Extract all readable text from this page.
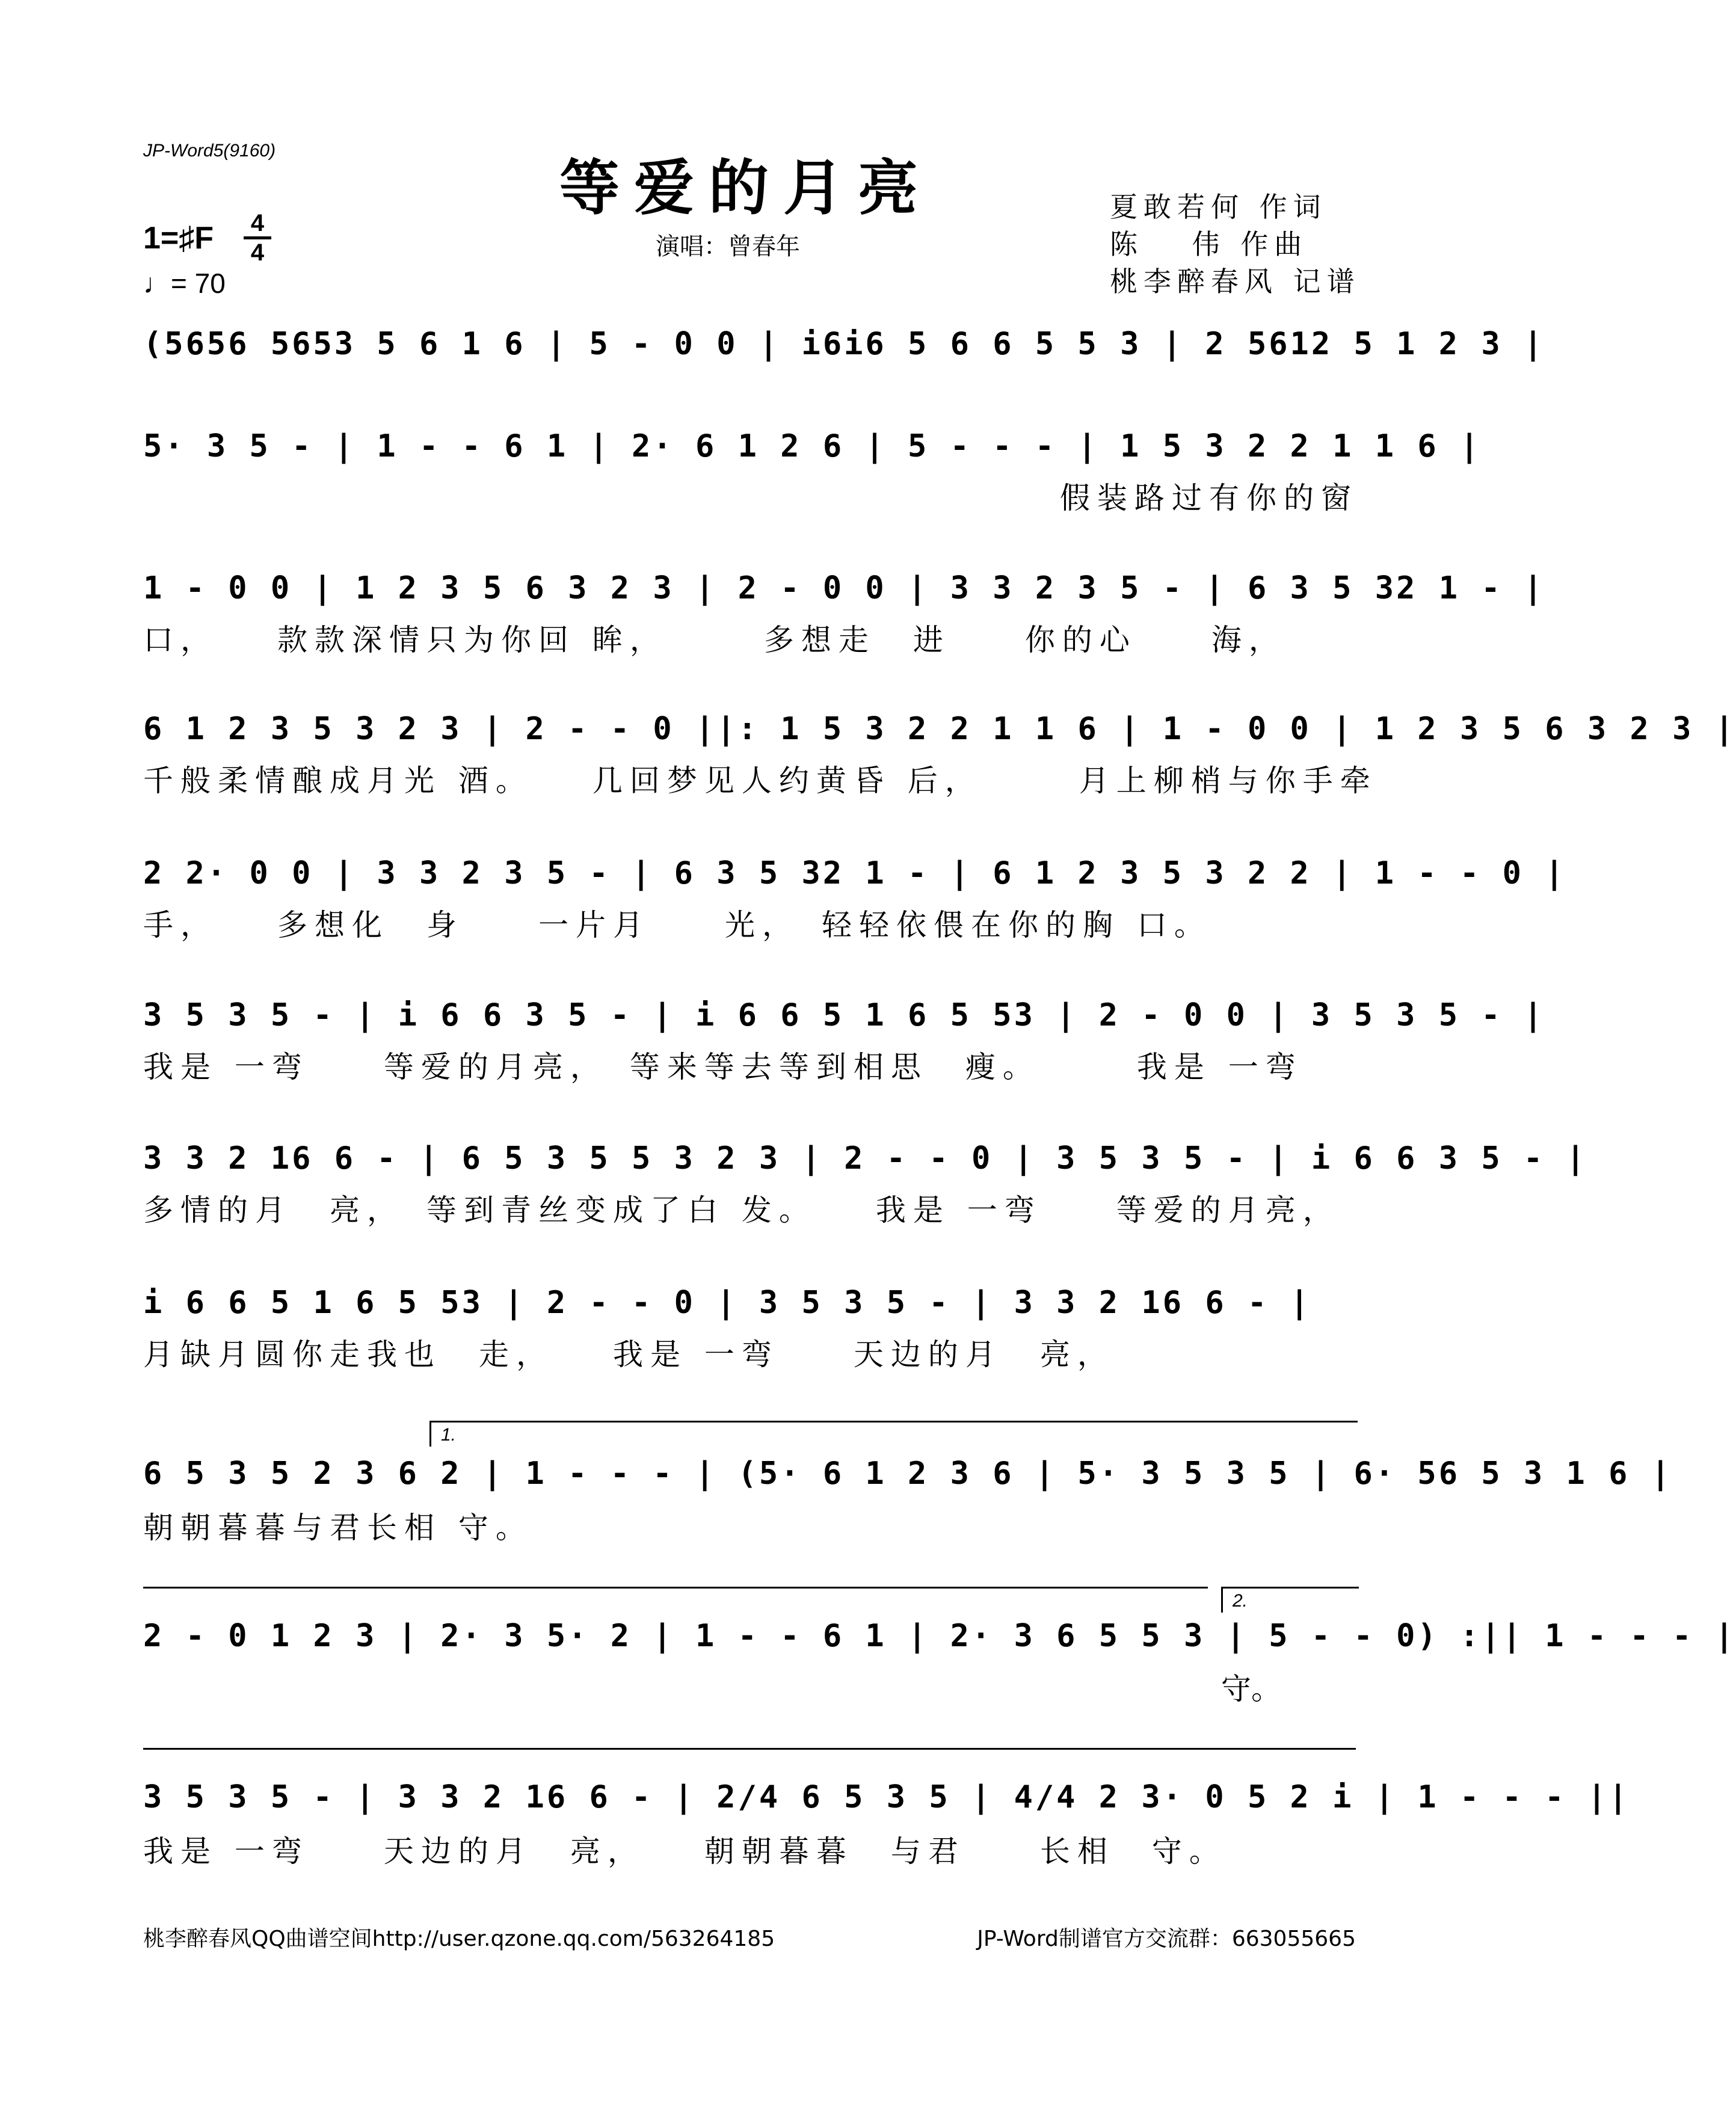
JP-Word5(9160)
等爱的月亮
演唱：曾春年
夏敢若何 作词
陈　 伟 作曲
桃李醉春风 记谱
1=♯F 4
4
♩= 70
(5656 5653 5 6 1 6 | 5 - 0 0 | i6i6 5 6 6 5 5 3 | 2 5612 5 1 2 3 |
5· 3 5 - | 1 - - 6 1 | 2· 6 1 2 6 | 5 - - - | 1 5 3 2 2 1 1 6 |
假装路过有你的窗
1 - 0 0 | 1 2 3 5 6 3 2 3 | 2 - 0 0 | 3 3 2 3 5 - | 6 3 5 32 1 - |
口，　　款款深情只为你回 眸，　　　多想走　进　　你的心　　海，
6 1 2 3 5 3 2 3 | 2 - - 0 ||: 1 5 3 2 2 1 1 6 | 1 - 0 0 | 1 2 3 5 6 3 2 3 |
千般柔情酿成月光 酒。　　几回梦见人约黄昏 后，　　　月上柳梢与你手牵
2 2· 0 0 | 3 3 2 3 5 - | 6 3 5 32 1 - | 6 1 2 3 5 3 2 2 | 1 - - 0 |
手，　　多想化　身　　一片月　　光，　轻轻依偎在你的胸 口。
3 5 3 5 - | i 6 6 3 5 - | i 6 6 5 1 6 5 53 | 2 - 0 0 | 3 5 3 5 - |
我是 一弯　　等爱的月亮，　等来等去等到相思　瘦。　　　我是 一弯
3 3 2 16 6 - | 6 5 3 5 5 3 2 3 | 2 - - 0 | 3 5 3 5 - | i 6 6 3 5 - |
多情的月　亮，　等到青丝变成了白 发。　　我是 一弯　　等爱的月亮，
i 6 6 5 1 6 5 53 | 2 - - 0 | 3 5 3 5 - | 3 3 2 16 6 - |
月缺月圆你走我也　走，　　我是 一弯　　天边的月　亮，
1.
6 5 3 5 2 3 6 2 | 1 - - - | (5· 6 1 2 3 6 | 5· 3 5 3 5 | 6· 56 5 3 1 6 |
朝朝暮暮与君长相 守。
2.
2 - 0 1 2 3 | 2· 3 5· 2 | 1 - - 6 1 | 2· 3 6 5 5 3 | 5 - - 0) :|| 1 - - - |
守。
3 5 3 5 - | 3 3 2 16 6 - | 2/4 6 5 3 5 | 4/4 2 3· 0 5 2 i | 1 - - - ||
我是 一弯　　天边的月　亮，　　朝朝暮暮　与君　　长相　守。
桃李醉春风QQ曲谱空间http://user.qzone.qq.com/563264185	JP-Word制谱官方交流群：663055665
